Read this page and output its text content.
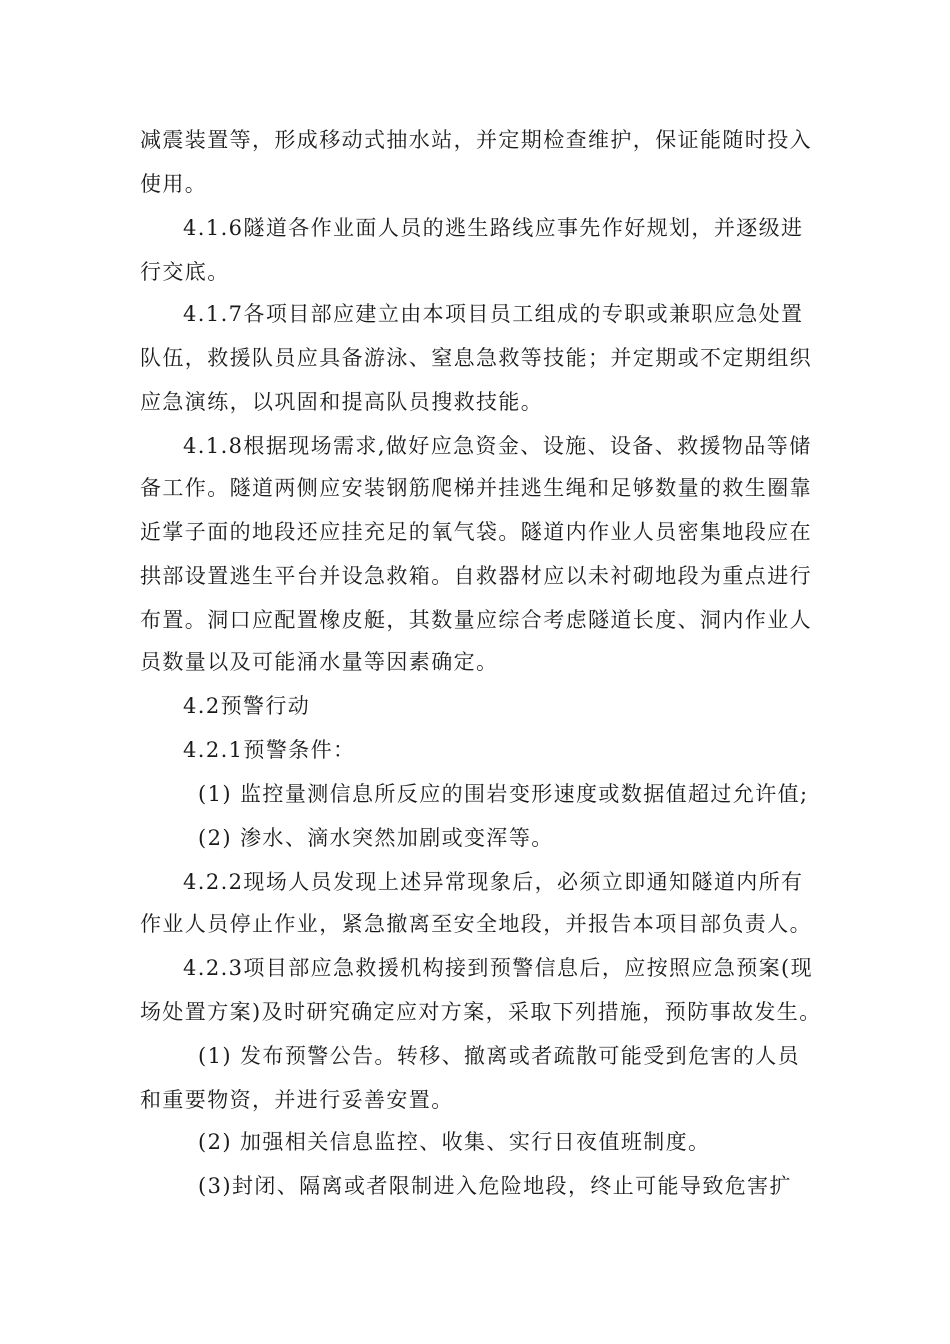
减震装置等，形成移动式抽水站，并定期检查维护，保证能随时投入
使用。
4.1.6隧道各作业面人员的逃生路线应事先作好规划，并逐级进
行交底。
4.1.7各项目部应建立由本项目员工组成的专职或兼职应急处置
队伍，救援队员应具备游泳、窒息急救等技能；并定期或不定期组织
应急演练，以巩固和提高队员搜救技能。
4.1.8根据现场需求,做好应急资金、设施、设备、救援物品等储
备工作。隧道两侧应安装钢筋爬梯并挂逃生绳和足够数量的救生圈靠
近掌子面的地段还应挂充足的氧气袋。隧道内作业人员密集地段应在
拱部设置逃生平台并设急救箱。自救器材应以未衬砌地段为重点进行
布置。洞口应配置橡皮艇，其数量应综合考虑隧道长度、洞内作业人
员数量以及可能涌水量等因素确定。
4.2预警行动
4.2.1预警条件：
(1) 监控量测信息所反应的围岩变形速度或数据值超过允许值;
(2) 渗水、滴水突然加剧或变浑等。
4.2.2现场人员发现上述异常现象后，必须立即通知隧道内所有
作业人员停止作业，紧急撤离至安全地段，并报告本项目部负责人。
4.2.3项目部应急救援机构接到预警信息后，应按照应急预案(现
场处置方案)及时研究确定应对方案，采取下列措施，预防事故发生。
(1) 发布预警公告。转移、撤离或者疏散可能受到危害的人员
和重要物资，并进行妥善安置。
(2) 加强相关信息监控、收集、实行日夜值班制度。
(3)封闭、隔离或者限制进入危险地段，终止可能导致危害扩
